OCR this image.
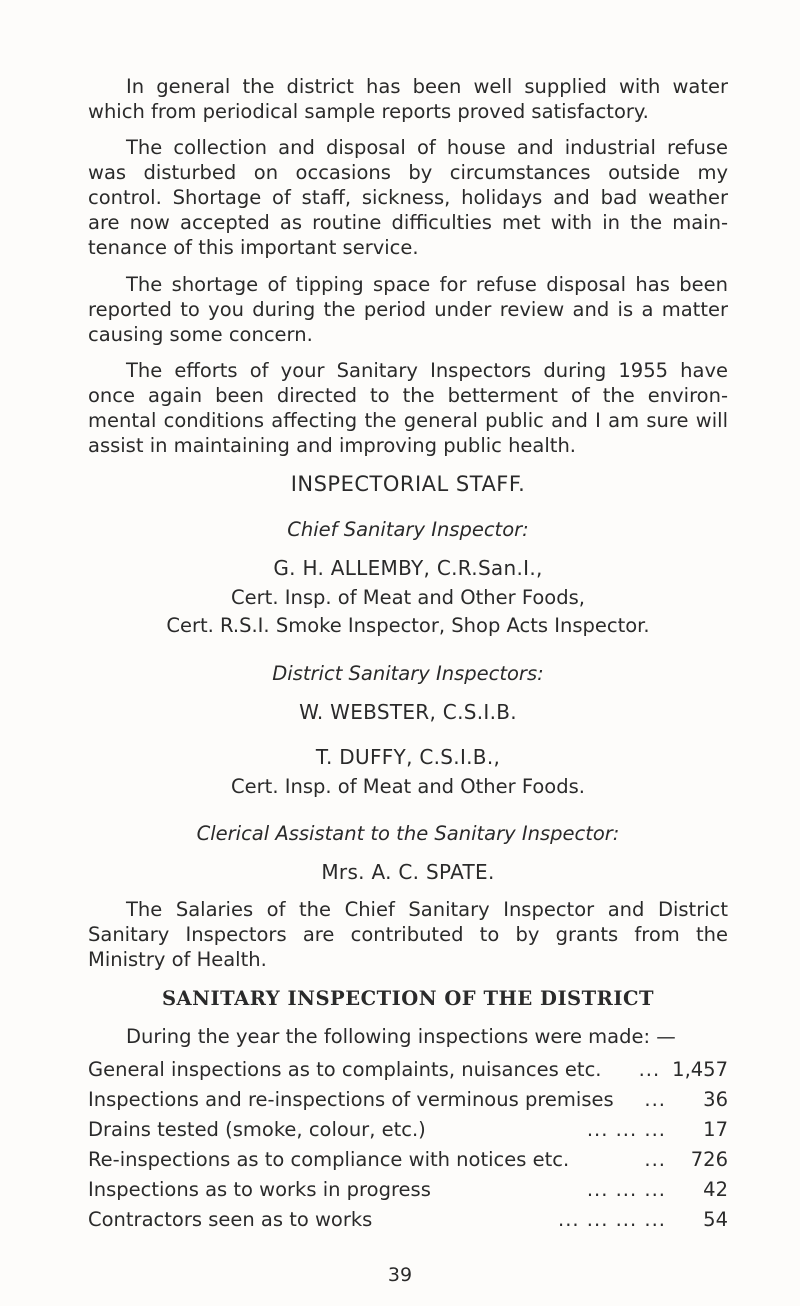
In general the district has been well supplied with water which from periodical sample reports proved satisfactory.

The collection and disposal of house and industrial refuse was disturbed on occasions by circumstances outside my control. Shortage of staff, sickness, holidays and bad weather are now accepted as routine difficulties met with in the main- tenance of this important service.

The shortage of tipping space for refuse disposal has been reported to you during the period under review and is a matter causing some concern.

The efforts of your Sanitary Inspectors during 1955 have once again been directed to the betterment of the environ- mental conditions affecting the general public and I am sure will assist in maintaining and improving public health.

INSPECTORIAL STAFF.
Chief Sanitary Inspector:
G. H. ALLEMBY, C.R.San.I.,
Cert. Insp. of Meat and Other Foods,
Cert. R.S.I. Smoke Inspector, Shop Acts Inspector.
District Sanitary Inspectors:
W. WEBSTER, C.S.I.B.
T. DUFFY, C.S.I.B.,
Cert. Insp. of Meat and Other Foods.
Clerical Assistant to the Sanitary Inspector:
Mrs. A. C. SPATE.

The Salaries of the Chief Sanitary Inspector and District Sanitary Inspectors are contributed to by grants from the Ministry of Health.

SANITARY INSPECTION OF THE DISTRICT
During the year the following inspections were made: —
General inspections as to complaints, nuisances etc.	... 1,457
Inspections and re-inspections of verminous premises	...	36
Drains tested (smoke, colour, etc.)	... ... ...	17
Re-inspections as to compliance with notices etc.	...	726
Inspections as to works in progress	... ... ...	42
Contractors seen as to works	... ... ... ...	54
39
